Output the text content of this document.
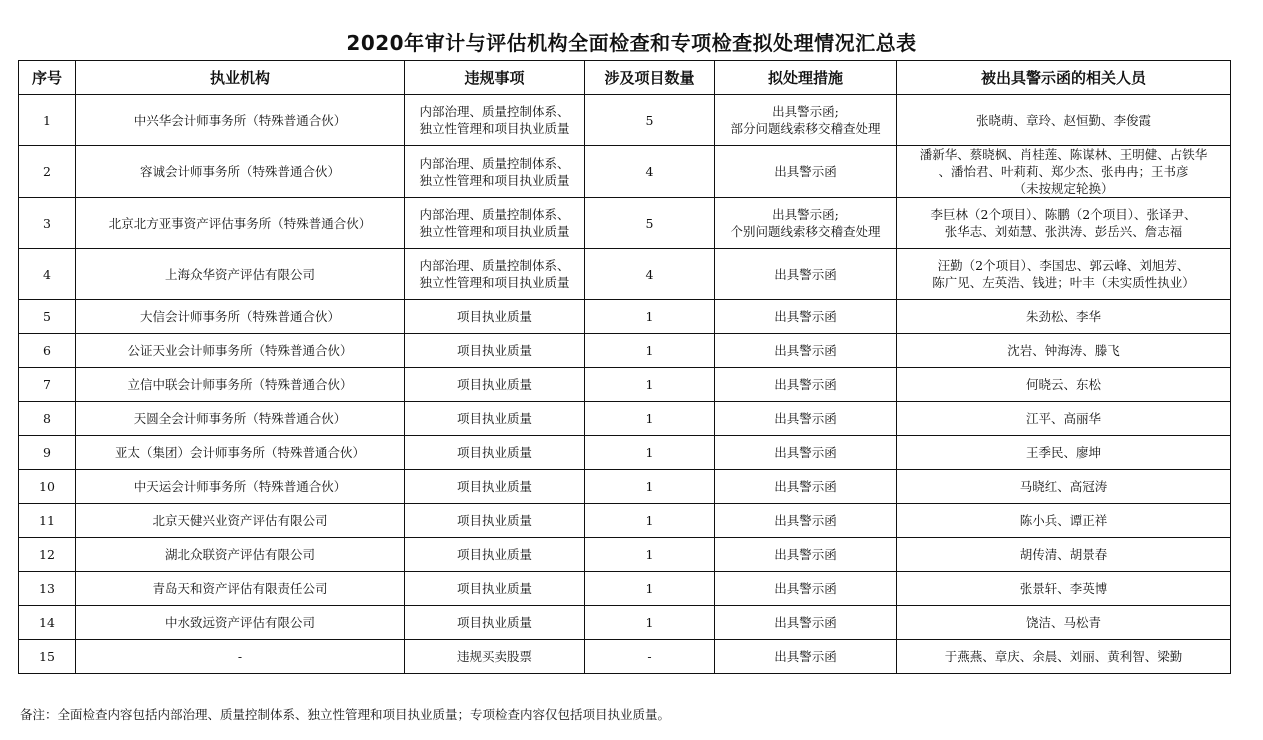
2020年审计与评估机构全面检查和专项检查拟处理情况汇总表
序号	执业机构	违规事项	涉及项目数量	拟处理措施	被出具警示函的相关人员
1	中兴华会计师事务所（特殊普通合伙）	内部治理、质量控制体系、
独立性管理和项目执业质量	5	出具警示函;
部分问题线索移交稽查处理	张晓萌、章玲、赵恒勤、李俊霞

2	容诚会计师事务所（特殊普通合伙）	内部治理、质量控制体系、
独立性管理和项目执业质量	4	出具警示函	潘新华、蔡晓枫、肖桂莲、陈谋林、王明健、占铁华
、潘怡君、叶莉莉、郑少杰、张冉冉；王书彦
（未按规定轮换）

3	北京北方亚事资产评估事务所（特殊普通合伙）	内部治理、质量控制体系、
独立性管理和项目执业质量	5	出具警示函;
个别问题线索移交稽查处理	李巨林（2个项目）、陈鹏（2个项目）、张译尹、
张华志、刘茹慧、张洪涛、彭岳兴、詹志福

4	上海众华资产评估有限公司	内部治理、质量控制体系、
独立性管理和项目执业质量	4	出具警示函	汪勤（2个项目）、李国忠、郭云峰、刘旭芳、
陈广见、左英浩、钱进；叶丰（未实质性执业）

5	大信会计师事务所（特殊普通合伙）	项目执业质量	1	出具警示函	朱劲松、李华

6	公证天业会计师事务所（特殊普通合伙）	项目执业质量	1	出具警示函	沈岩、钟海涛、滕飞

7	立信中联会计师事务所（特殊普通合伙）	项目执业质量	1	出具警示函	何晓云、东松

8	天圆全会计师事务所（特殊普通合伙）	项目执业质量	1	出具警示函	江平、高丽华

9	亚太（集团）会计师事务所（特殊普通合伙）	项目执业质量	1	出具警示函	王季民、廖坤

10	中天运会计师事务所（特殊普通合伙）	项目执业质量	1	出具警示函	马晓红、高冠涛

11	北京天健兴业资产评估有限公司	项目执业质量	1	出具警示函	陈小兵、谭正祥

12	湖北众联资产评估有限公司	项目执业质量	1	出具警示函	胡传清、胡景春

13	青岛天和资产评估有限责任公司	项目执业质量	1	出具警示函	张景轩、李英博

14	中水致远资产评估有限公司	项目执业质量	1	出具警示函	饶洁、马松青

15	-	违规买卖股票	-	出具警示函	于燕燕、章庆、余晨、刘丽、黄利智、梁勤
备注：全面检查内容包括内部治理、质量控制体系、独立性管理和项目执业质量；专项检查内容仅包括项目执业质量。
